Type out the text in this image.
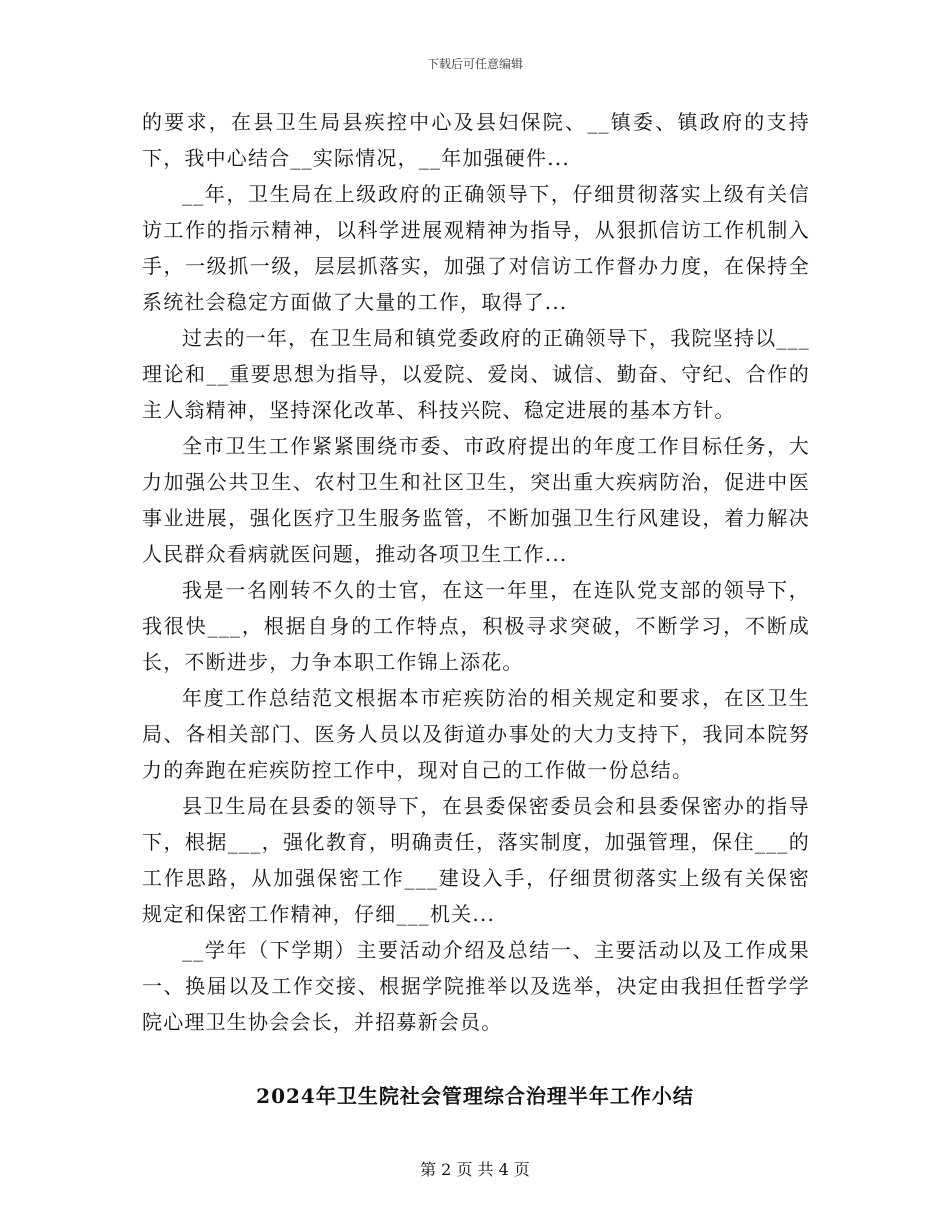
下载后可任意编辑

的要求，在县卫生局县疾控中心及县妇保院、__镇委、镇政府的支持下，我中心结合__实际情况，__年加强硬件...

__年，卫生局在上级政府的正确领导下，仔细贯彻落实上级有关信访工作的指示精神，以科学进展观精神为指导，从狠抓信访工作机制入手，一级抓一级，层层抓落实，加强了对信访工作督办力度，在保持全系统社会稳定方面做了大量的工作，取得了...

过去的一年，在卫生局和镇党委政府的正确领导下，我院坚持以___理论和__重要思想为指导，以爱院、爱岗、诚信、勤奋、守纪、合作的主人翁精神，坚持深化改革、科技兴院、稳定进展的基本方针。

全市卫生工作紧紧围绕市委、市政府提出的年度工作目标任务，大力加强公共卫生、农村卫生和社区卫生，突出重大疾病防治，促进中医事业进展，强化医疗卫生服务监管，不断加强卫生行风建设，着力解决人民群众看病就医问题，推动各项卫生工作...

我是一名刚转不久的士官，在这一年里，在连队党支部的领导下，我很快___，根据自身的工作特点，积极寻求突破，不断学习，不断成长，不断进步，力争本职工作锦上添花。

年度工作总结范文根据本市疟疾防治的相关规定和要求，在区卫生局、各相关部门、医务人员以及街道办事处的大力支持下，我同本院努力的奔跑在疟疾防控工作中，现对自己的工作做一份总结。

县卫生局在县委的领导下，在县委保密委员会和县委保密办的指导下，根据___，强化教育，明确责任，落实制度，加强管理，保住___的工作思路，从加强保密工作___建设入手，仔细贯彻落实上级有关保密规定和保密工作精神，仔细___机关...

__学年（下学期）主要活动介绍及总结一、主要活动以及工作成果一、换届以及工作交接、根据学院推举以及选举，决定由我担任哲学学院心理卫生协会会长，并招募新会员。

2024年卫生院社会管理综合治理半年工作小结
第 2 页 共 4 页
